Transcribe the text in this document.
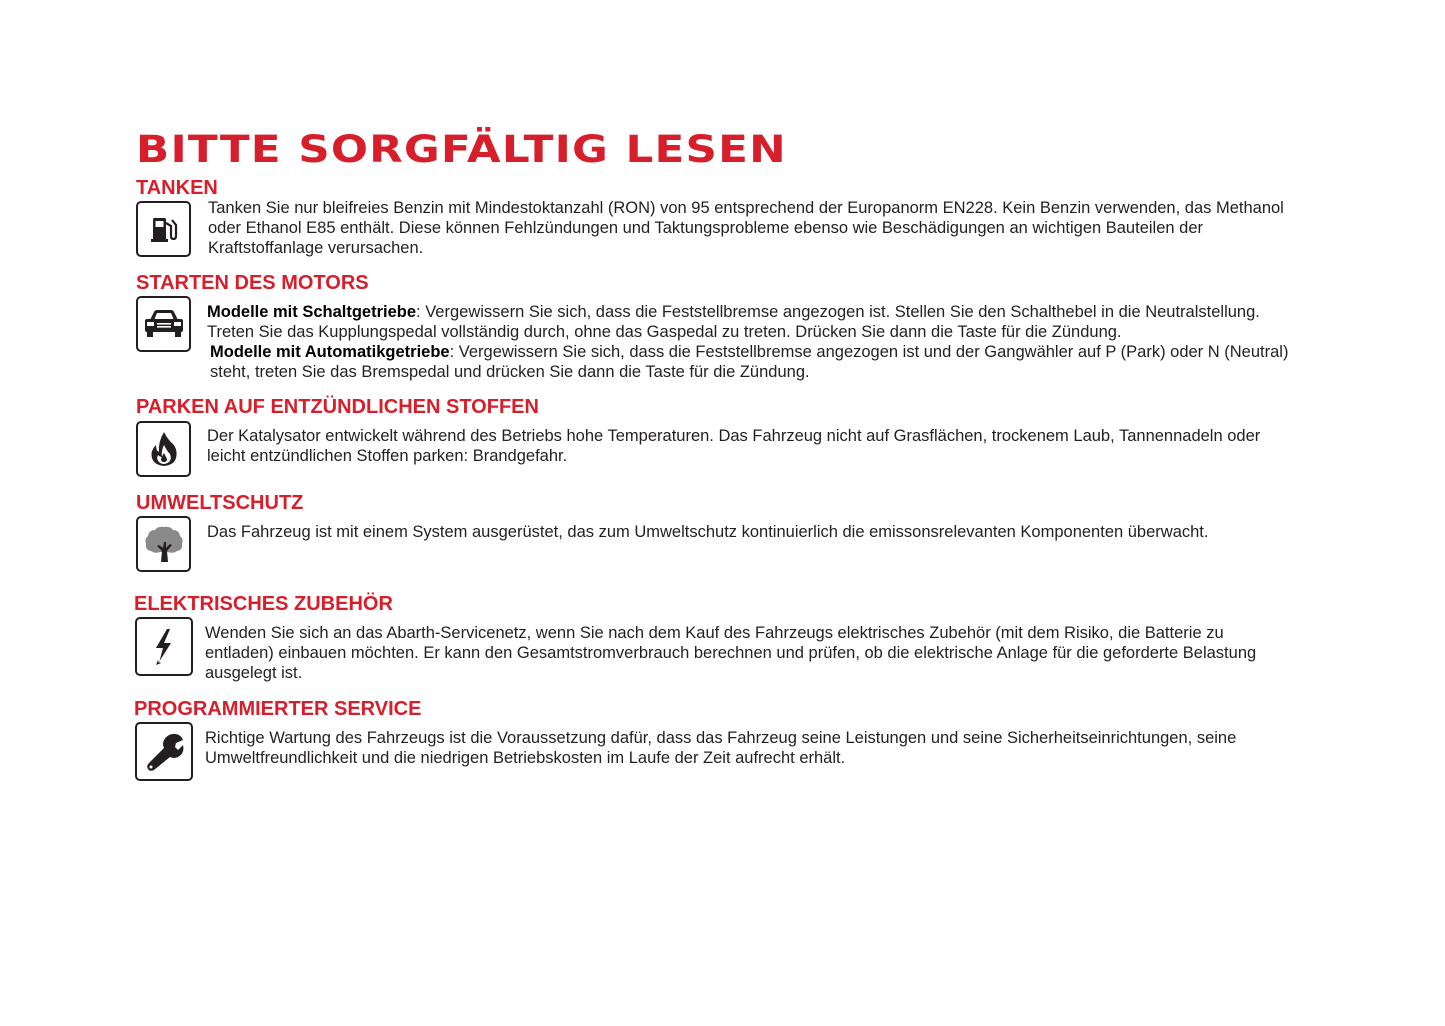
BITTE SORGFÄLTIG LESEN
TANKEN

Tanken Sie nur bleifreies Benzin mit Mindestoktanzahl (RON) von 95 entsprechend der Europanorm EN228. Kein Benzin verwenden, das Methanol oder Ethanol E85 enthält. Diese können Fehlzündungen und Taktungsprobleme ebenso wie Beschädigungen an wichtigen Bauteilen der Kraftstoffanlage verursachen.

STARTEN DES MOTORS

Modelle mit Schaltgetriebe: Vergewissern Sie sich, dass die Feststellbremse angezogen ist. Stellen Sie den Schalthebel in die Neutralstellung. Treten Sie das Kupplungspedal vollständig durch, ohne das Gaspedal zu treten. Drücken Sie dann die Taste für die Zündung.

Modelle mit Automatikgetriebe: Vergewissern Sie sich, dass die Feststellbremse angezogen ist und der Gangwähler auf P (Park) oder N (Neutral) steht, treten Sie das Bremspedal und drücken Sie dann die Taste für die Zündung.

PARKEN AUF ENTZÜNDLICHEN STOFFEN

Der Katalysator entwickelt während des Betriebs hohe Temperaturen. Das Fahrzeug nicht auf Grasflächen, trockenem Laub, Tannennadeln oder leicht entzündlichen Stoffen parken: Brandgefahr.

UMWELTSCHUTZ

Das Fahrzeug ist mit einem System ausgerüstet, das zum Umweltschutz kontinuierlich die emissonsrelevanten Komponenten überwacht.

ELEKTRISCHES ZUBEHÖR

Wenden Sie sich an das Abarth-Servicenetz, wenn Sie nach dem Kauf des Fahrzeugs elektrisches Zubehör (mit dem Risiko, die Batterie zu entladen) einbauen möchten. Er kann den Gesamtstromverbrauch berechnen und prüfen, ob die elektrische Anlage für die geforderte Belastung ausgelegt ist.

PROGRAMMIERTER SERVICE

Richtige Wartung des Fahrzeugs ist die Voraussetzung dafür, dass das Fahrzeug seine Leistungen und seine Sicherheitseinrichtungen, seine Umweltfreundlichkeit und die niedrigen Betriebskosten im Laufe der Zeit aufrecht erhält.
